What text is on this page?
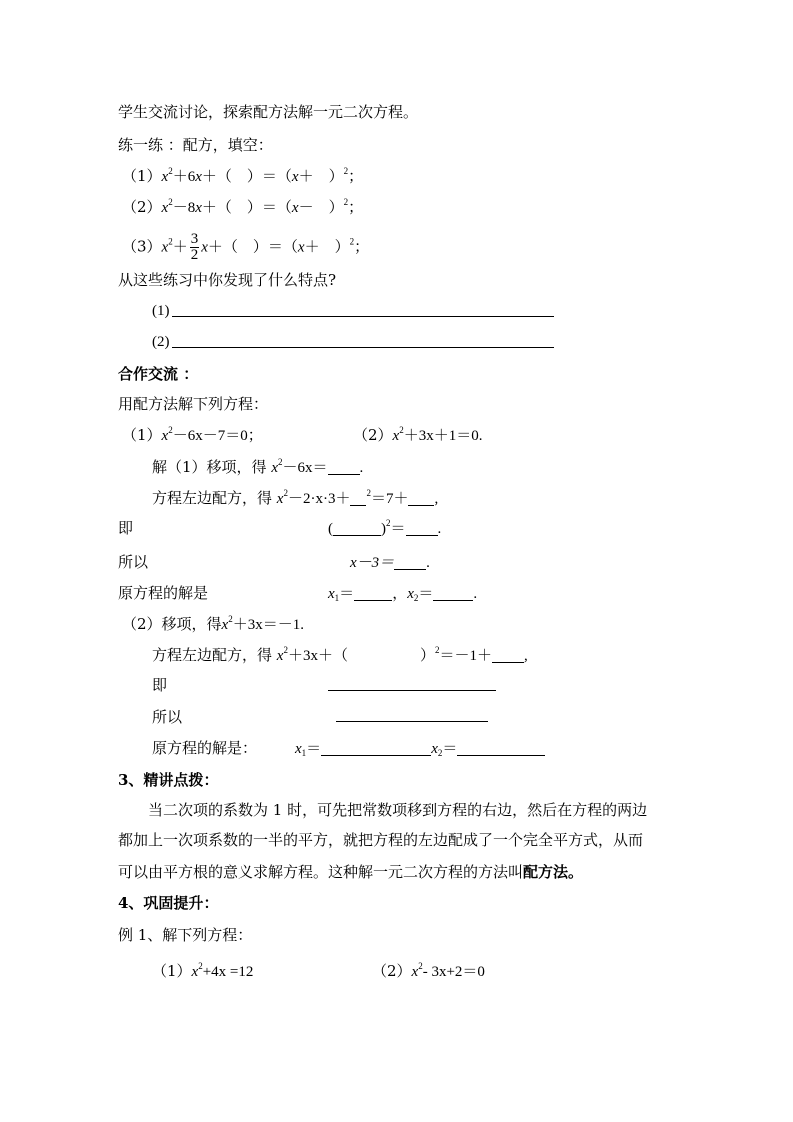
学生交流讨论，探索配方法解一元二次方程。
练一练 ：配方，填空：
$(1)x^2+6x+$（　）＝（x＋　）$^2$；
$(2)x^2-8x+$（　）＝（x－　）$^2$；
$(3)x^2+ \frac{3}{2} x+$（　）＝（x＋　）$^2$；
从这些练习中你发现了什么特点?
(1)
(2)
合作交流 ：
用配方法解下列方程：
$(1)x^2-6x-7=0$；	$(2)x^2+3x+1=0$.
解（1）移项，得 $x^2-6x=$ .
方程左边配方，得 $x^2-2\cdot x\cdot 3+ ^2=7+$ ,
即	(	)$^2$＝ .
所以	x－3＝ .
原方程的解是	$x_1=$	，$x_2=$	.
（2）移项，得$x^2+3x=-1$.
方程左边配方，得 $x^2+3x+$（	）$^2$＝－1＋ ,
即
所以
原方程的解是：	$x_1=$	$x_2=$
3、精讲点拨：
当二次项的系数为 1 时，可先把常数项移到方程的右边，然后在方程的两边
都加上一次项系数的一半的平方，就把方程的左边配成了一个完全平方式，从而
可以由平方根的意义求解方程。这种解一元二次方程的方法叫配方法。
4、巩固提升：
例 1、解下列方程：
$(1)x^2+4x =12$	$(2)x^2-$ 3x+2＝0
